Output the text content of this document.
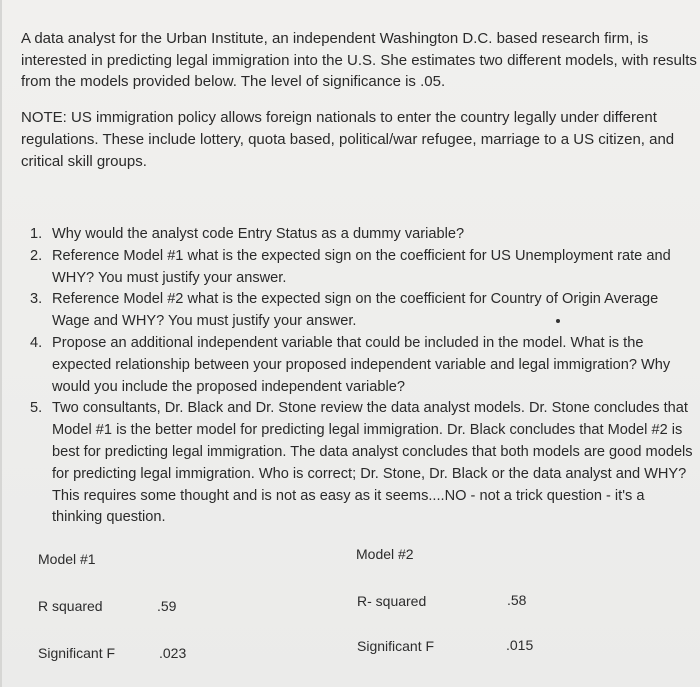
A data analyst for the Urban Institute, an independent Washington D.C. based research firm, is
interested in predicting legal immigration into the U.S. She estimates two different models, with results
from the models provided below. The level of significance is .05.
NOTE: US immigration policy allows foreign nationals to enter the country legally under different
regulations. These include lottery, quota based, political/war refugee, marriage to a US citizen, and
critical skill groups.
1. Why would the analyst code Entry Status as a dummy variable?
2. Reference Model #1 what is the expected sign on the coefficient for US Unemployment rate and
WHY? You must justify your answer.
3. Reference Model #2 what is the expected sign on the coefficient for Country of Origin Average
Wage and WHY? You must justify your answer.
4. Propose an additional independent variable that could be included in the model. What is the
expected relationship between your proposed independent variable and legal immigration? Why
would you include the proposed independent variable?
5. Two consultants, Dr. Black and Dr. Stone review the data analyst models. Dr. Stone concludes that
Model #1 is the better model for predicting legal immigration. Dr. Black concludes that Model #2 is
best for predicting legal immigration. The data analyst concludes that both models are good models
for predicting legal immigration. Who is correct; Dr. Stone, Dr. Black or the data analyst and WHY?
This requires some thought and is not as easy as it seems....NO - not a trick question - it's a
thinking question.
Model #1
R squared	.59
Significant F	.023
Model #2
R- squared	.58
Significant F	.015
